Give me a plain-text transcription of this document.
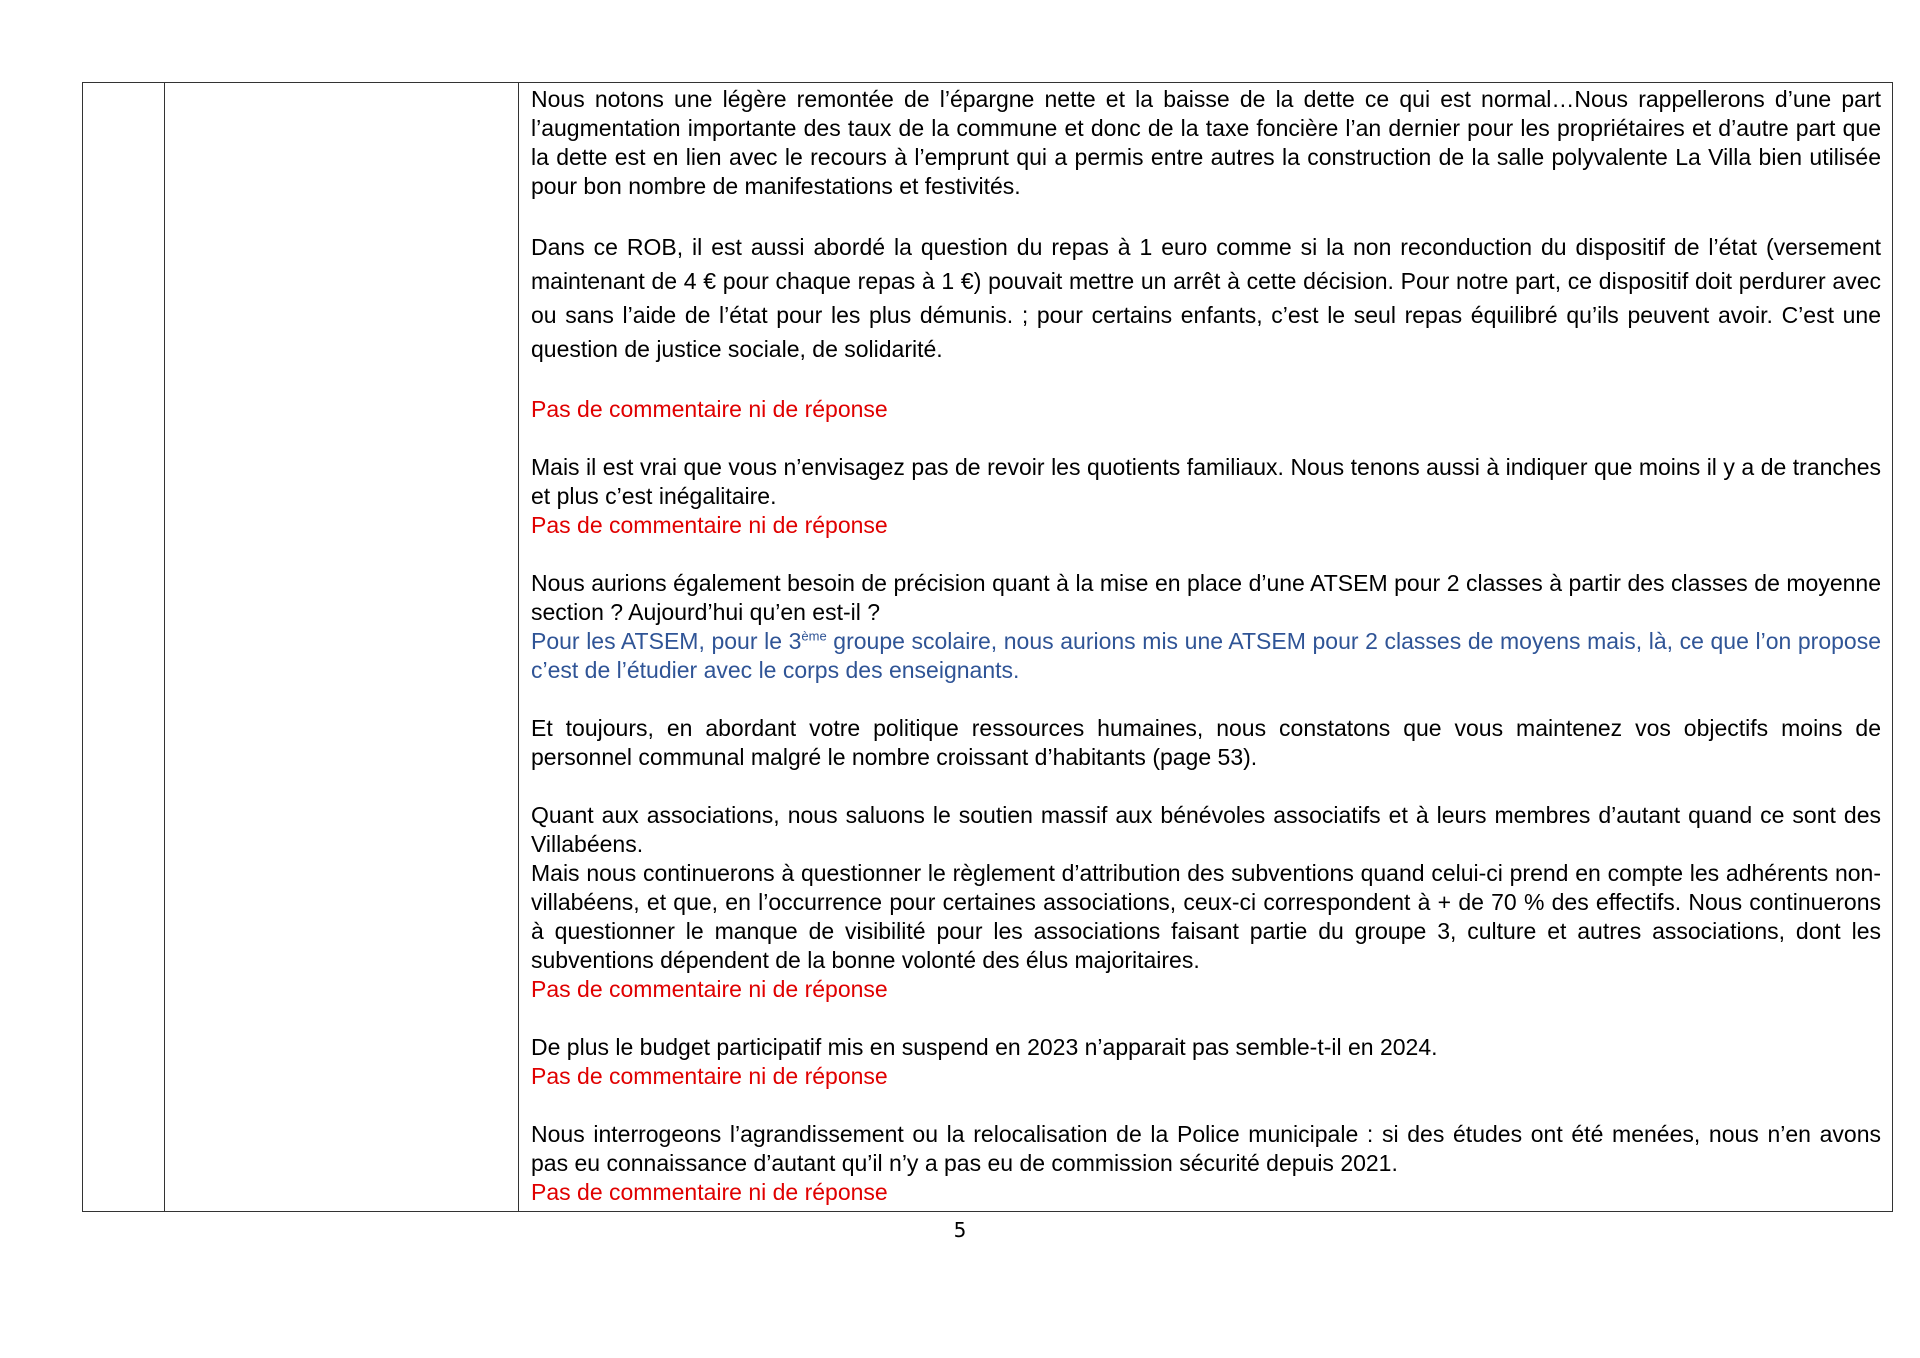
Nous notons une légère remontée de l’épargne nette et la baisse de la dette ce qui est normal…Nous rappellerons d’une part l’augmentation importante des taux de la commune et donc de la taxe foncière l’an dernier pour les propriétaires et d’autre part que la dette est en lien avec le recours à l’emprunt qui a permis entre autres la construction de la salle polyvalente La Villa bien utilisée pour bon nombre de manifestations et festivités.

Dans ce ROB, il est aussi abordé la question du repas à 1 euro comme si la non reconduction du dispositif de l’état (versement maintenant de 4 € pour chaque repas à 1 €) pouvait mettre un arrêt à cette décision. Pour notre part, ce dispositif doit perdurer avec ou sans l’aide de l’état pour les plus démunis. ; pour certains enfants, c’est le seul repas équilibré qu’ils peuvent avoir. C’est une question de justice sociale, de solidarité.

Pas de commentaire ni de réponse

Mais il est vrai que vous n’envisagez pas de revoir les quotients familiaux. Nous tenons aussi à indiquer que moins il y a de tranches et plus c’est inégalitaire.

Pas de commentaire ni de réponse

Nous aurions également besoin de précision quant à la mise en place d’une ATSEM pour 2 classes à partir des classes de moyenne section ? Aujourd’hui qu’en est-il ?

Pour les ATSEM, pour le 3ème groupe scolaire, nous aurions mis une ATSEM pour 2 classes de moyens mais, là, ce que l’on propose c’est de l’étudier avec le corps des enseignants.

Et toujours, en abordant votre politique ressources humaines, nous constatons que vous maintenez vos objectifs moins de personnel communal malgré le nombre croissant d’habitants (page 53).

Quant aux associations, nous saluons le soutien massif aux bénévoles associatifs et à leurs membres d’autant quand ce sont des Villabéens.

Mais nous continuerons à questionner le règlement d’attribution des subventions quand celui-ci prend en compte les adhérents non-villabéens, et que, en l’occurrence pour certaines associations, ceux-ci correspondent à + de 70 % des effectifs. Nous continuerons à questionner le manque de visibilité pour les associations faisant partie du groupe 3, culture et autres associations, dont les subventions dépendent de la bonne volonté des élus majoritaires.

Pas de commentaire ni de réponse

De plus le budget participatif mis en suspend en 2023 n’apparait pas semble-t-il en 2024.

Pas de commentaire ni de réponse

Nous interrogeons l’agrandissement ou la relocalisation de la Police municipale : si des études ont été menées, nous n’en avons pas eu connaissance d’autant qu’il n’y a pas eu de commission sécurité depuis 2021.

Pas de commentaire ni de réponse

5
